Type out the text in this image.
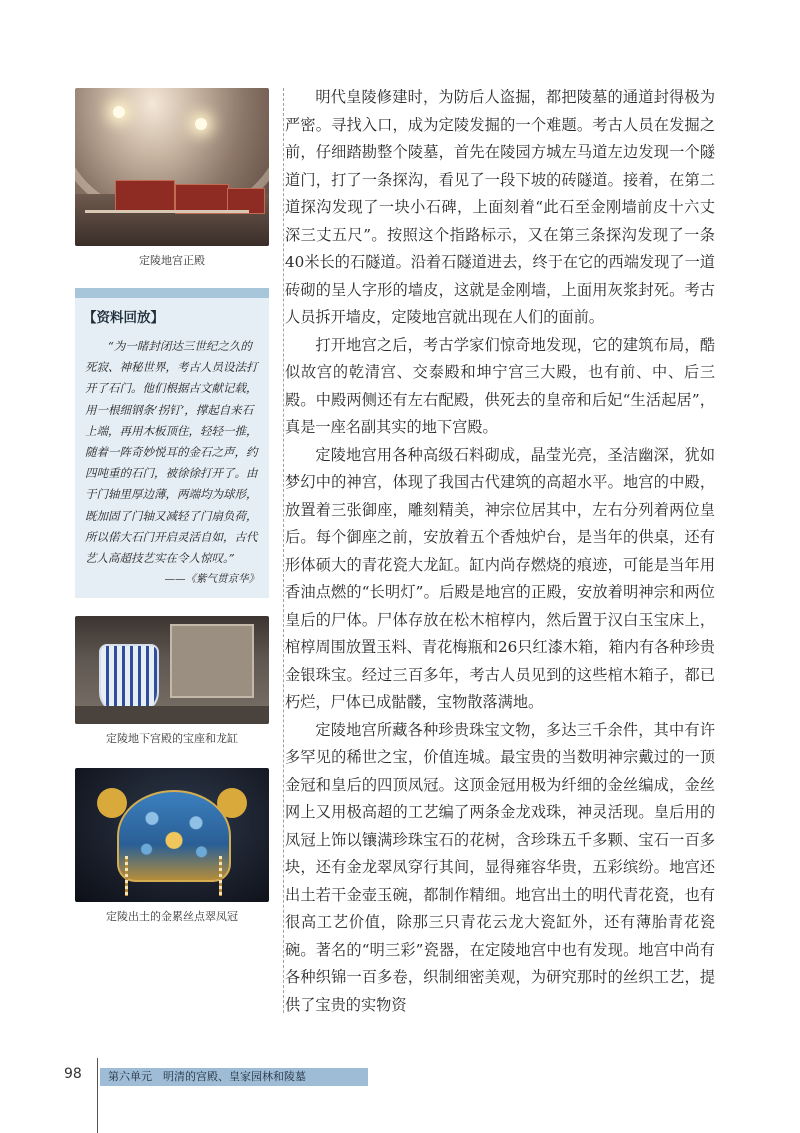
定陵地宫正殿

【资料回放】

“为一睹封闭达三世纪之久的死寂、神秘世界，考古人员设法打开了石门。他们根据古文献记载，用一根细钢条‘拐钉’，撑起自来石上端，再用木板顶住，轻轻一推，随着一阵奇妙悦耳的金石之声，约四吨重的石门，被徐徐打开了。由于门轴里厚边薄，两端均为球形，既加固了门轴又减轻了门扇负荷，所以偌大石门开启灵活自如，古代艺人高超技艺实在令人惊叹。”

——《紫气贯京华》

定陵地下宫殿的宝座和龙缸

定陵出土的金累丝点翠凤冠

明代皇陵修建时，为防后人盗掘，都把陵墓的通道封得极为严密。寻找入口，成为定陵发掘的一个难题。考古人员在发掘之前，仔细踏勘整个陵墓，首先在陵园方城左马道左边发现一个隧道门，打了一条探沟，看见了一段下坡的砖隧道。接着，在第二道探沟发现了一块小石碑，上面刻着“此石至金刚墙前皮十六丈深三丈五尺”。按照这个指路标示，又在第三条探沟发现了一条40米长的石隧道。沿着石隧道进去，终于在它的西端发现了一道砖砌的呈人字形的墙皮，这就是金刚墙，上面用灰浆封死。考古人员拆开墙皮，定陵地宫就出现在人们的面前。

打开地宫之后，考古学家们惊奇地发现，它的建筑布局，酷似故宫的乾清宫、交泰殿和坤宁宫三大殿，也有前、中、后三殿。中殿两侧还有左右配殿，供死去的皇帝和后妃“生活起居”，真是一座名副其实的地下宫殿。

定陵地宫用各种高级石料砌成，晶莹光亮，圣洁幽深，犹如梦幻中的神宫，体现了我国古代建筑的高超水平。地宫的中殿，放置着三张御座，雕刻精美，神宗位居其中，左右分列着两位皇后。每个御座之前，安放着五个香烛炉台，是当年的供桌，还有形体硕大的青花瓷大龙缸。缸内尚存燃烧的痕迹，可能是当年用香油点燃的“长明灯”。后殿是地宫的正殿，安放着明神宗和两位皇后的尸体。尸体存放在松木棺椁内，然后置于汉白玉宝床上，棺椁周围放置玉料、青花梅瓶和26只红漆木箱，箱内有各种珍贵金银珠宝。经过三百多年，考古人员见到的这些棺木箱子，都已朽烂，尸体已成骷髅，宝物散落满地。

定陵地宫所藏各种珍贵珠宝文物，多达三千余件，其中有许多罕见的稀世之宝，价值连城。最宝贵的当数明神宗戴过的一顶金冠和皇后的四顶凤冠。这顶金冠用极为纤细的金丝编成，金丝网上又用极高超的工艺编了两条金龙戏珠，神灵活现。皇后用的凤冠上饰以镶满珍珠宝石的花树，含珍珠五千多颗、宝石一百多块，还有金龙翠凤穿行其间，显得雍容华贵，五彩缤纷。地宫还出土若干金壶玉碗，都制作精细。地宫出土的明代青花瓷，也有很高工艺价值，除那三只青花云龙大瓷缸外，还有薄胎青花瓷碗。著名的“明三彩”瓷器，在定陵地宫中也有发现。地宫中尚有各种织锦一百多卷，织制细密美观，为研究那时的丝织工艺，提供了宝贵的实物资

98	第六单元　明清的宫殿、皇家园林和陵墓
